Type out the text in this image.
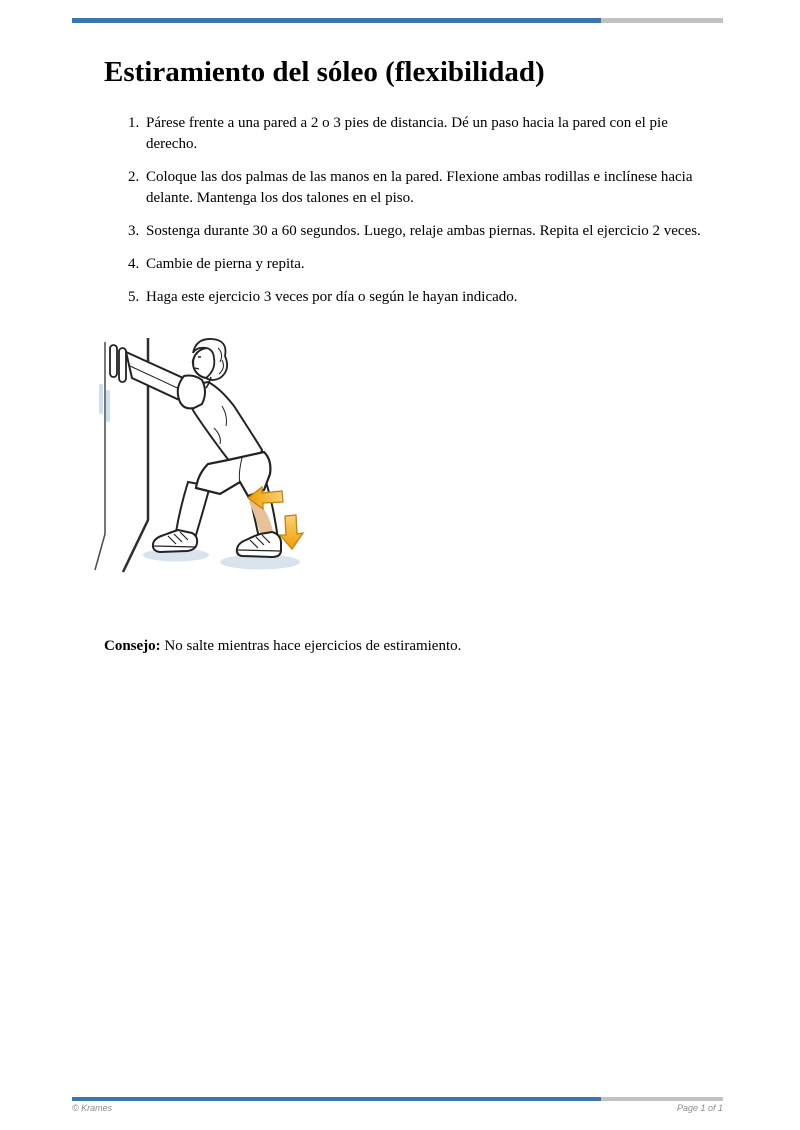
Estiramiento del sóleo (flexibilidad)
1. Párese frente a una pared a 2 o 3 pies de distancia. Dé un paso hacia la pared con el pie derecho.
2. Coloque las dos palmas de las manos en la pared. Flexione ambas rodillas e inclínese hacia delante. Mantenga los dos talones en el piso.
3. Sostenga durante 30 a 60 segundos. Luego, relaje ambas piernas. Repita el ejercicio 2 veces.
4. Cambie de pierna y repita.
5. Haga este ejercicio 3 veces por día o según le hayan indicado.

Consejo: No salte mientras hace ejercicios de estiramiento.

© Krames	Page 1 of 1
